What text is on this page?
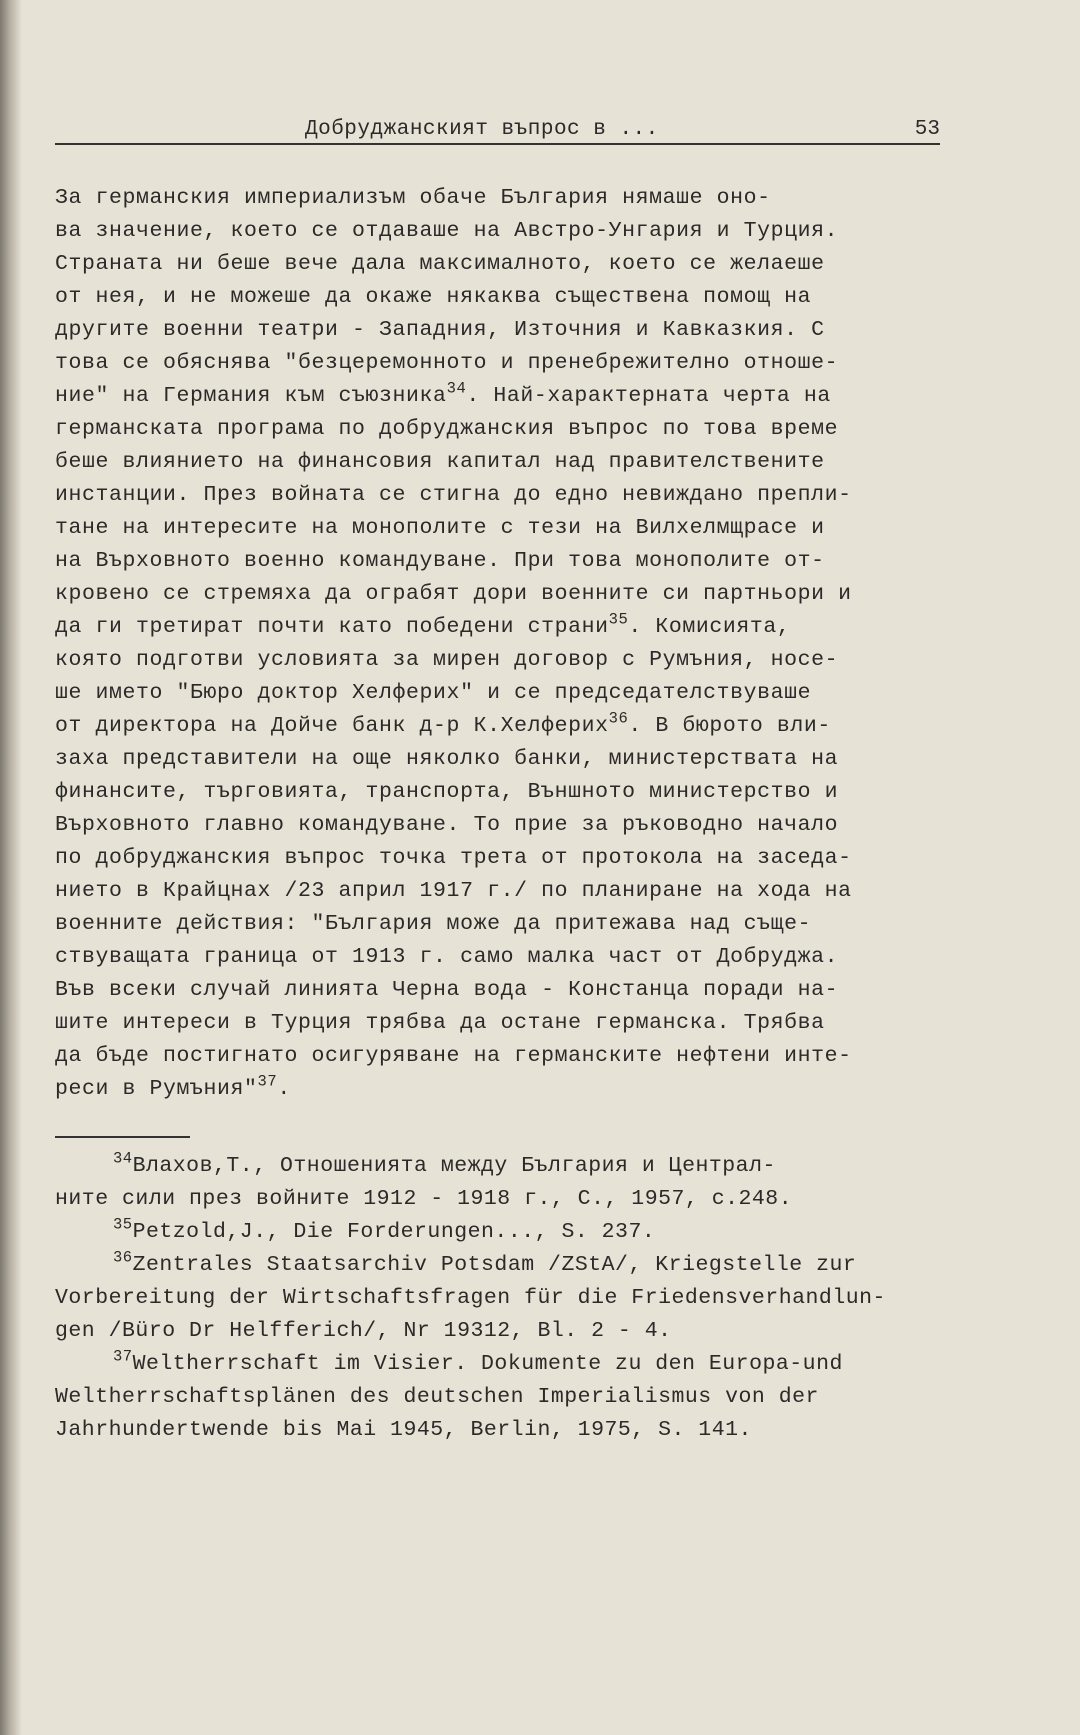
Добруджанският въпрос в ...	53
За германския империализъм обаче България нямаше оно-
ва значение, което се отдаваше на Австро-Унгария и Турция.
Страната ни беше вече дала максималното, което се желаеше
от нея, и не можеше да окаже някаква съществена помощ на
другите военни театри - Западния, Източния и Кавказкия. С
това се обяснява "безцеремонното и пренебрежително отноше-
ние" на Германия към съюзника$^{34}$. Най-характерната черта на
германската програма по добруджанския въпрос по това време
беше влиянието на финансовия капитал над правителствените
инстанции. През войната се стигна до едно невиждано препли-
тане на интересите на монополите с тези на Вилхелмщрасе и
на Върховното военно командуване. При това монополите от-
кровено се стремяха да ограбят дори военните си партньори и
да ги третират почти като победени страни$^{35}$. Комисията,
която подготви условията за мирен договор с Румъния, носе-
ше името "Бюро доктор Хелферих" и се председателствуваше
от директора на Дойче банк д-р К.Хелферих$^{36}$. В бюрото вли-
заха представители на още няколко банки, министерствата на
финансите, търговията, транспорта, Външното министерство и
Върховното главно командуване. То прие за ръководно начало
по добруджанския въпрос точка трета от протокола на заседа-
нието в Крайцнах /23 април 1917 г./ по планиране на хода на
военните действия: "България може да притежава над съще-
ствуващата граница от 1913 г. само малка част от Добруджа.
Във всеки случай линията Черна вода - Констанца поради на-
шите интереси в Турция трябва да остане германска. Трябва
да бъде постигнато осигуряване на германските нефтени инте-
реси в Румъния"$^{37}$.
$^{34}$Влахов,Т., Отношенията между България и Централ-
ните сили през войните 1912 - 1918 г., С., 1957, с.248.
$^{35}$Petzold,J., Die Forderungen..., S. 237.
$^{36}$Zentrales Staatsarchiv Potsdam /ZStA/, Kriegstelle zur
Vorbereitung der Wirtschaftsfragen für die Friedensverhandlun-
gen /Büro Dr Helfferich/, Nr 19312, Bl. 2 - 4.
$^{37}$Weltherrschaft im Visier. Dokumente zu den Europa-und
Weltherrschaftsplänen des deutschen Imperialismus von der
Jahrhundertwende bis Mai 1945, Berlin, 1975, S. 141.
